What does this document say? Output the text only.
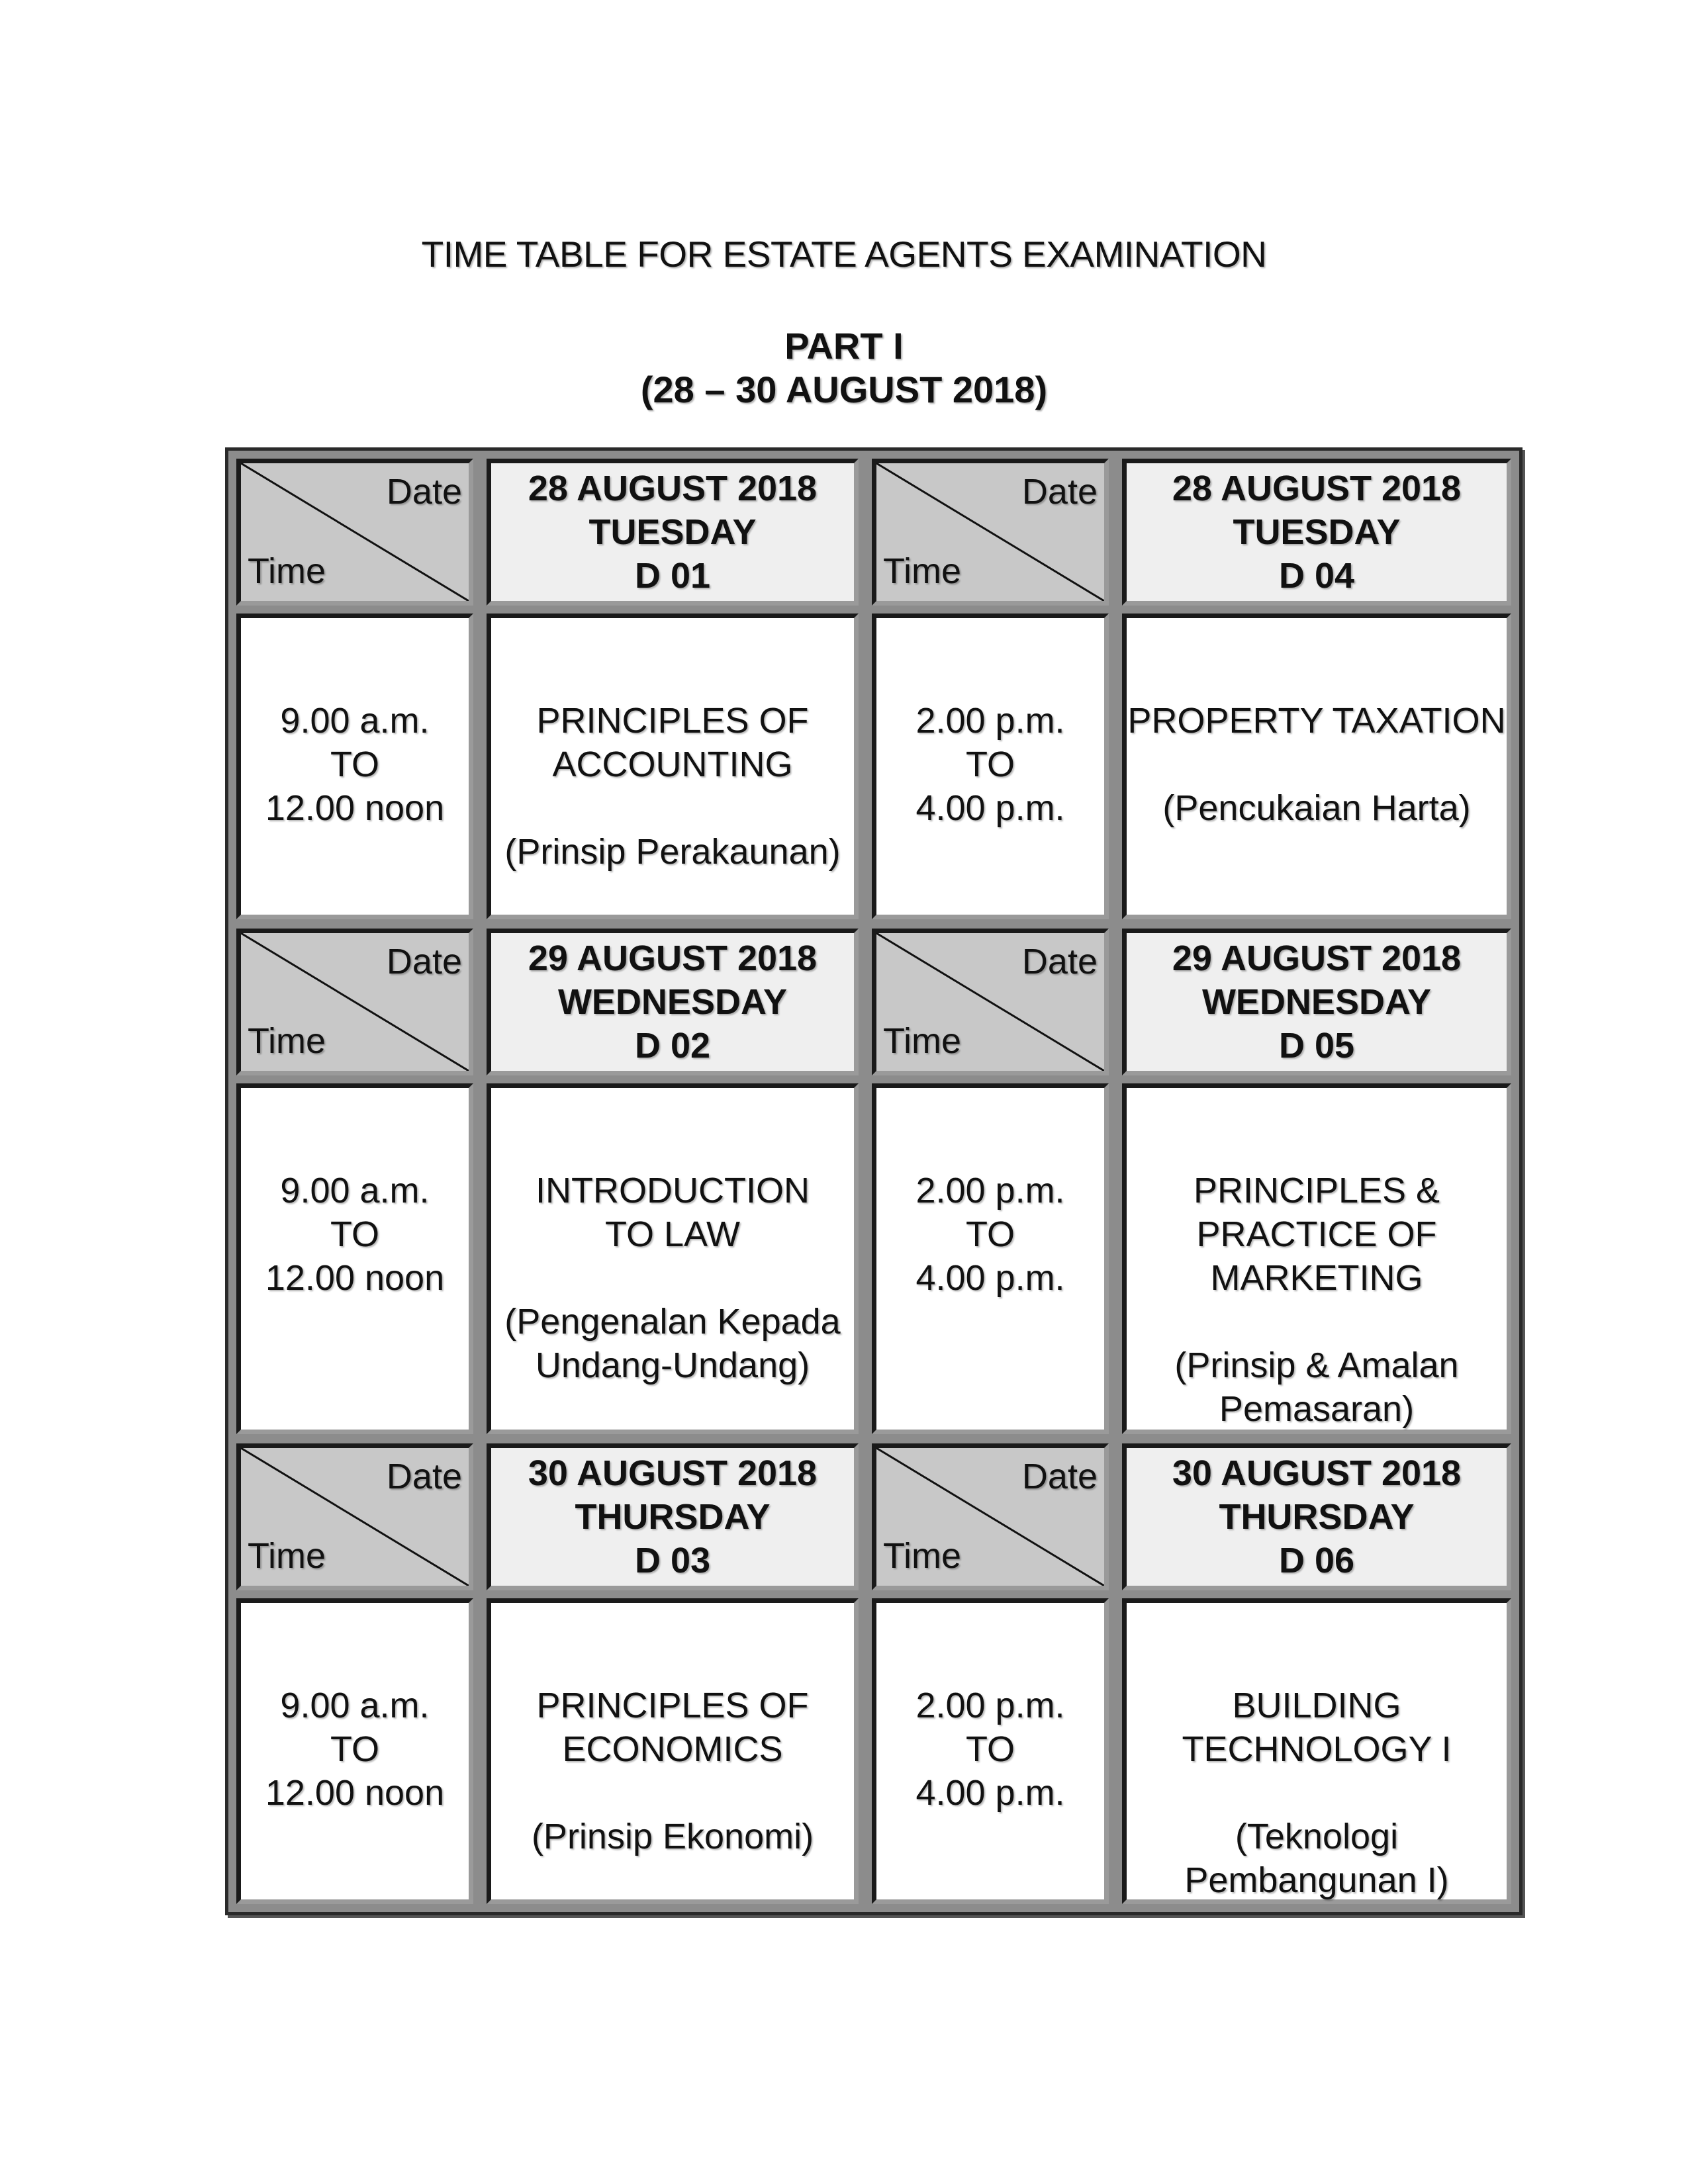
TIME TABLE FOR ESTATE AGENTS EXAMINATION
PART I
(28 – 30 AUGUST 2018)
Date
Time
28 AUGUST 2018
TUESDAY
D 01
Date
Time
28 AUGUST 2018
TUESDAY
D 04
9.00 a.m.
TO
12.00 noon
PRINCIPLES OF
ACCOUNTING
(Prinsip Perakaunan)
2.00 p.m.
TO
4.00 p.m.
PROPERTY TAXATION
(Pencukaian Harta)
Date
Time
29 AUGUST 2018
WEDNESDAY
D 02
Date
Time
29 AUGUST 2018
WEDNESDAY
D 05
9.00 a.m.
TO
12.00 noon
INTRODUCTION
TO LAW
(Pengenalan Kepada
Undang-Undang)
2.00 p.m.
TO
4.00 p.m.
PRINCIPLES &
PRACTICE OF
MARKETING
(Prinsip & Amalan
Pemasaran)
Date
Time
30 AUGUST 2018
THURSDAY
D 03
Date
Time
30 AUGUST 2018
THURSDAY
D 06
9.00 a.m.
TO
12.00 noon
PRINCIPLES OF
ECONOMICS
(Prinsip Ekonomi)
2.00 p.m.
TO
4.00 p.m.
BUILDING
TECHNOLOGY I
(Teknologi
Pembangunan I)
